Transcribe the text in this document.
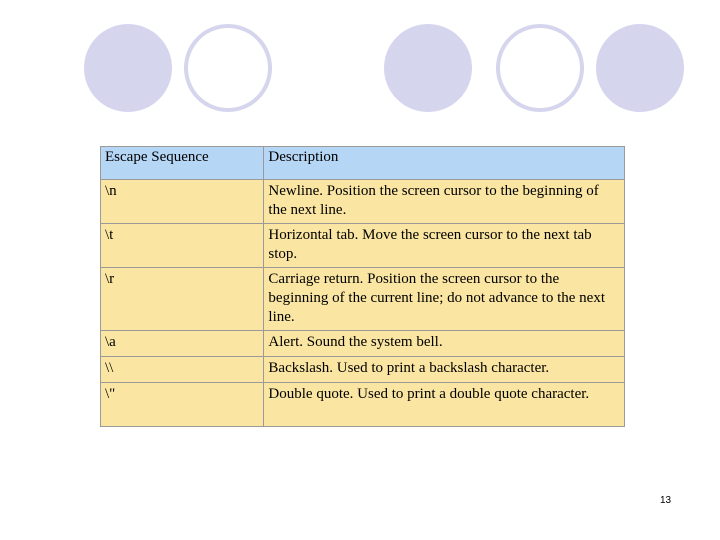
Escape Sequence	Description
\n	Newline. Position the screen cursor to the beginning of the next line.
\t	Horizontal tab. Move the screen cursor to the next tab stop.
\r	Carriage return. Position the screen cursor to the beginning of the current line; do not advance to the next line.
\a	Alert. Sound the system bell.
\\	Backslash. Used to print a backslash character.
\"	Double quote. Used to print a double quote character.
13
